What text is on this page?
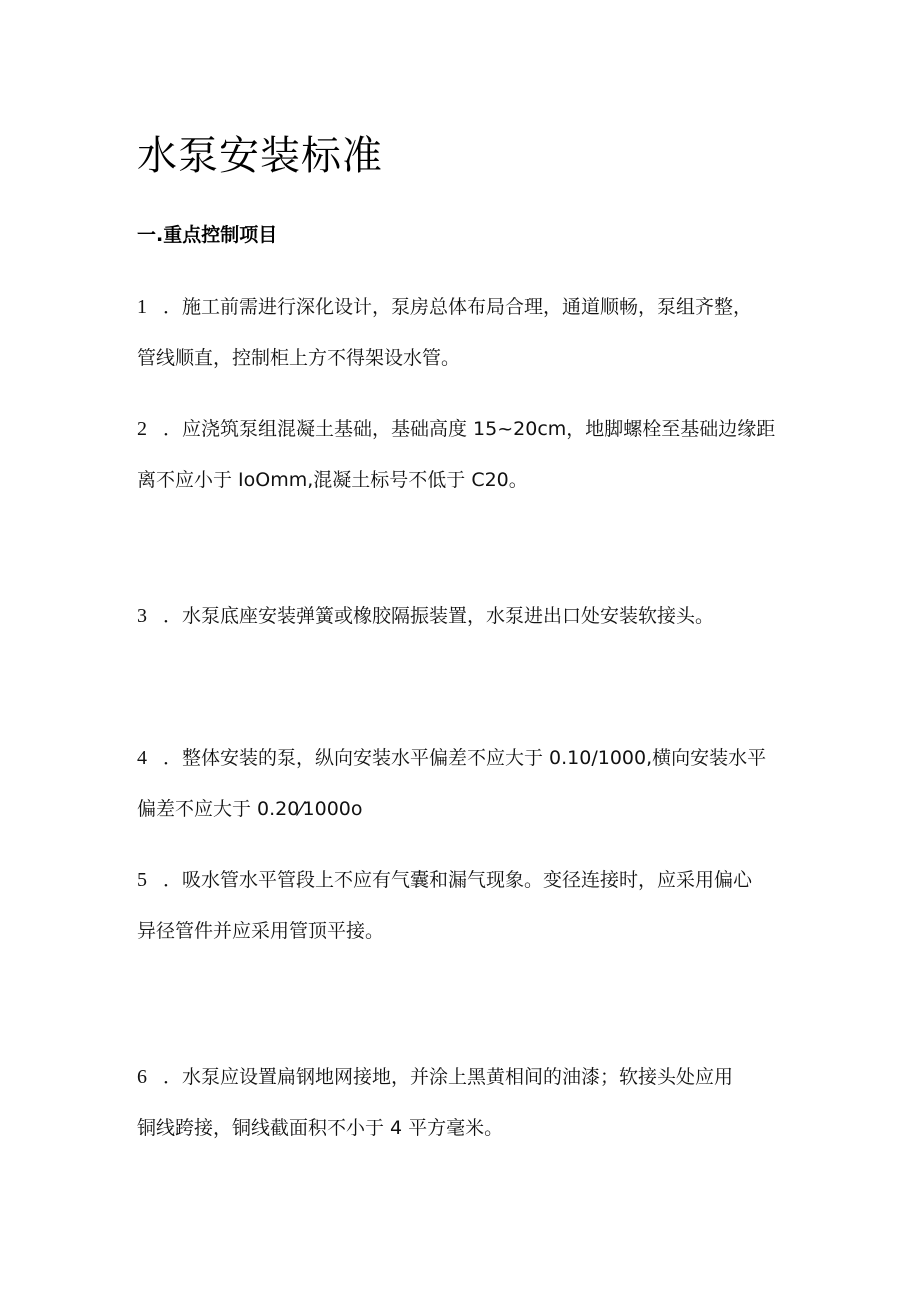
水泵安装标准
一.重点控制项目
1 ．施工前需进行深化设计，泵房总体布局合理，通道顺畅，泵组齐整，
管线顺直，控制柜上方不得架设水管。
2 ．应浇筑泵组混凝土基础，基础高度 15~20cm，地脚螺栓至基础边缘距
离不应小于 IoOmm,混凝土标号不低于 C20。
3 ．水泵底座安装弹簧或橡胶隔振装置，水泵进出口处安装软接头。
4 ．整体安装的泵，纵向安装水平偏差不应大于 0.10/1000,横向安装水平
偏差不应大于 0.20⁄1000o
5 ．吸水管水平管段上不应有气囊和漏气现象。变径连接时，应采用偏心
异径管件并应采用管顶平接。
6 ．水泵应设置扁钢地网接地，并涂上黑黄相间的油漆；软接头处应用
铜线跨接，铜线截面积不小于 4 平方毫米。
